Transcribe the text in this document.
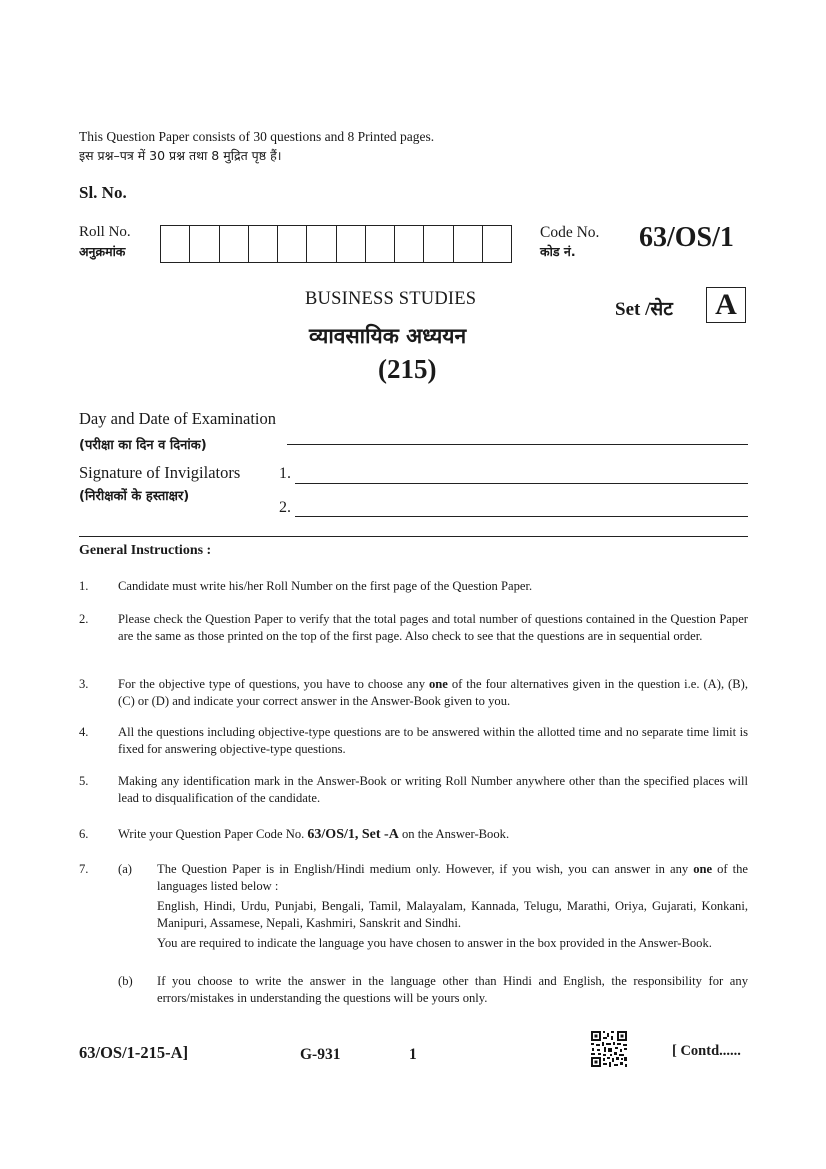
This Question Paper consists of 30 questions and 8 Printed pages.
इस प्रश्न–पत्र में 30 प्रश्न तथा 8 मुद्रित पृष्ठ हैं।
Sl. No.
Roll No.
अनुक्रमांक
Code No.
कोड नं. 63/OS/1
BUSINESS STUDIES
व्यावसायिक अध्ययन
(215)
Set /सेट	A
Day and Date of Examination
(परीक्षा का दिन व दिनांक)
Signature of Invigilators
(निरीक्षकों के हस्ताक्षर)
1.
2.
General Instructions :
1.	Candidate must write his/her Roll Number on the first page of the Question Paper.
2.	Please check the Question Paper to verify that the total pages and total number of questions contained in the Question Paper are the same as those printed on the top of the first page. Also check to see that the questions are in sequential order.
3.	For the objective type of questions, you have to choose any one of the four alternatives given in the question i.e. (A), (B), (C) or (D) and indicate your correct answer in the Answer-Book given to you.
4.	All the questions including objective-type questions are to be answered within the allotted time and no separate time limit is fixed for answering objective-type questions.
5.	Making any identification mark in the Answer-Book or writing Roll Number anywhere other than the specified places will lead to disqualification of the candidate.
6.	Write your Question Paper Code No. 63/OS/1, Set -A on the Answer-Book.
7.	(a) The Question Paper is in English/Hindi medium only. However, if you wish, you can answer in any one of the languages listed below :

English, Hindi, Urdu, Punjabi, Bengali, Tamil, Malayalam, Kannada, Telugu, Marathi, Oriya, Gujarati, Konkani, Manipuri, Assamese, Nepali, Kashmiri, Sanskrit and Sindhi.

You are required to indicate the language you have chosen to answer in the box provided in the Answer-Book.

(b) If you choose to write the answer in the language other than Hindi and English, the responsibility for any errors/mistakes in understanding the questions will be yours only.

63/OS/1-215-A]	G-931	1	[ Contd......
